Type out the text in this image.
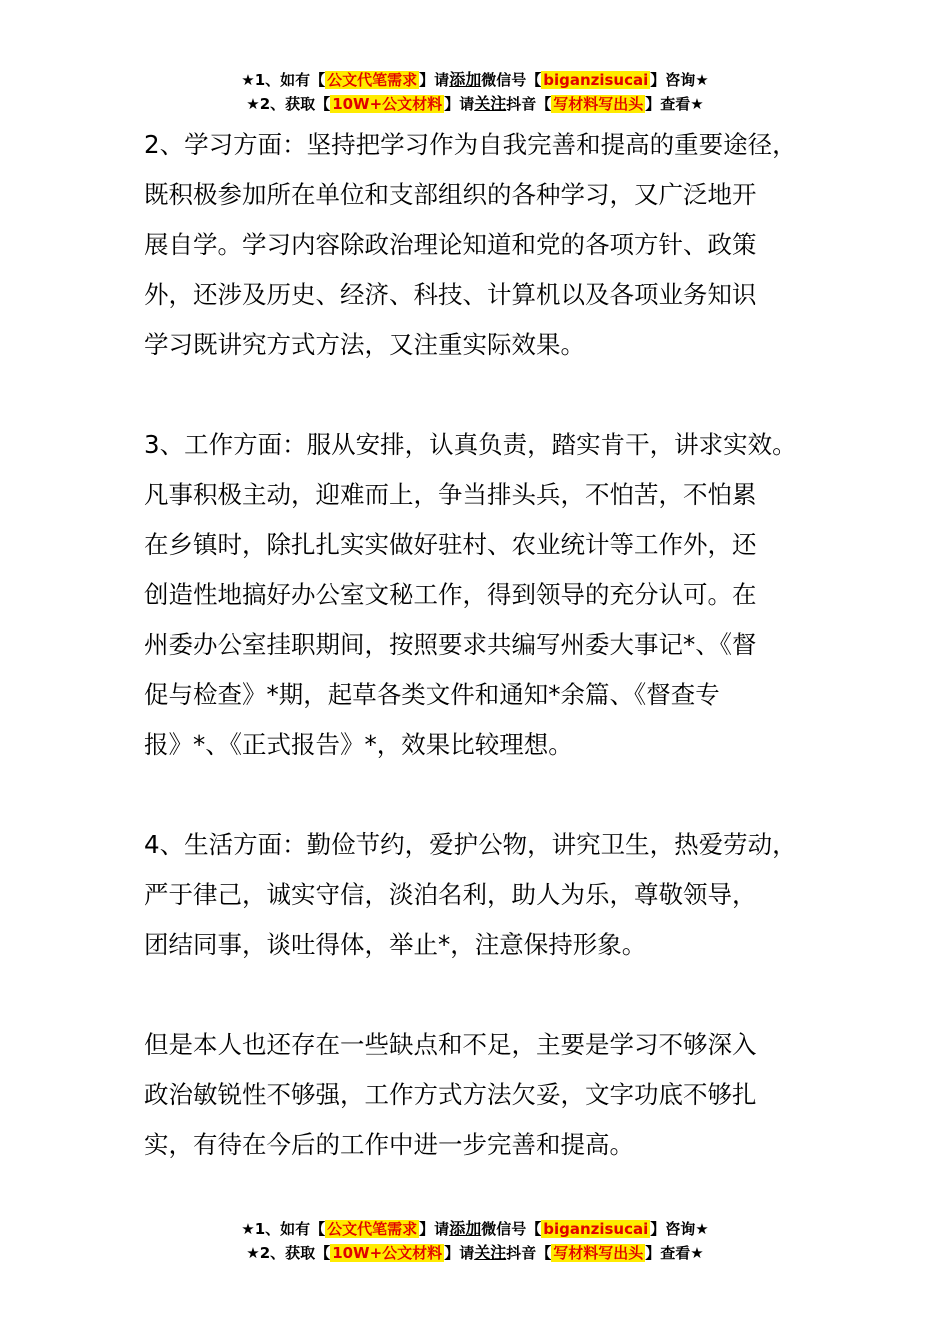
★1、如有【 公文代笔需求 】请添加微信号【 biganzisucai 】咨询★
★2、获取【 10W+公文材料 】请关注抖音【 写材料写出头 】查看★
2、学习方面：坚持把学习作为自我完善和提高的重要途径，
既积极参加所在单位和支部组织的各种学习，又广泛地开
展自学。学习内容除政治理论知道和党的各项方针、政策
外，还涉及历史、经济、科技、计算机以及各项业务知识
学习既讲究方式方法，又注重实际效果。
3、工作方面：服从安排，认真负责，踏实肯干，讲求实效。
凡事积极主动，迎难而上，争当排头兵，不怕苦，不怕累
在乡镇时，除扎扎实实做好驻村、农业统计等工作外，还
创造性地搞好办公室文秘工作，得到领导的充分认可。在
州委办公室挂职期间，按照要求共编写州委大事记*、《督
促与检查》*期，起草各类文件和通知*余篇、《督查专
报》*、《正式报告》*，效果比较理想。
4、生活方面：勤俭节约，爱护公物，讲究卫生，热爱劳动，
严于律己，诚实守信，淡泊名利，助人为乐，尊敬领导，
团结同事，谈吐得体，举止*，注意保持形象。
但是本人也还存在一些缺点和不足，主要是学习不够深入
政治敏锐性不够强，工作方式方法欠妥，文字功底不够扎
实，有待在今后的工作中进一步完善和提高。
★1、如有【 公文代笔需求 】请添加微信号【 biganzisucai 】咨询★
★2、获取【 10W+公文材料 】请关注抖音【 写材料写出头 】查看★
